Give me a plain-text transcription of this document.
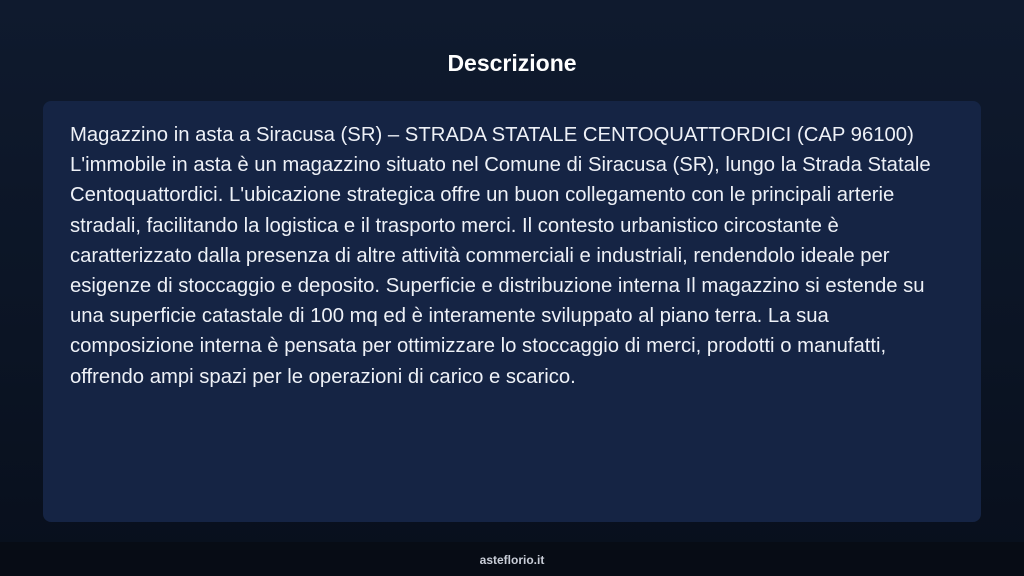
Descrizione

Magazzino in asta a Siracusa (SR) – STRADA STATALE CENTOQUATTORDICI (CAP 96100) L'immobile in asta è un magazzino situato nel Comune di Siracusa (SR), lungo la Strada Statale Centoquattordici. L'ubicazione strategica offre un buon collegamento con le principali arterie stradali, facilitando la logistica e il trasporto merci. Il contesto urbanistico circostante è caratterizzato dalla presenza di altre attività commerciali e industriali, rendendolo ideale per esigenze di stoccaggio e deposito. Superficie e distribuzione interna Il magazzino si estende su una superficie catastale di 100 mq ed è interamente sviluppato al piano terra. La sua composizione interna è pensata per ottimizzare lo stoccaggio di merci, prodotti o manufatti, offrendo ampi spazi per le operazioni di carico e scarico.

asteflorio.it
